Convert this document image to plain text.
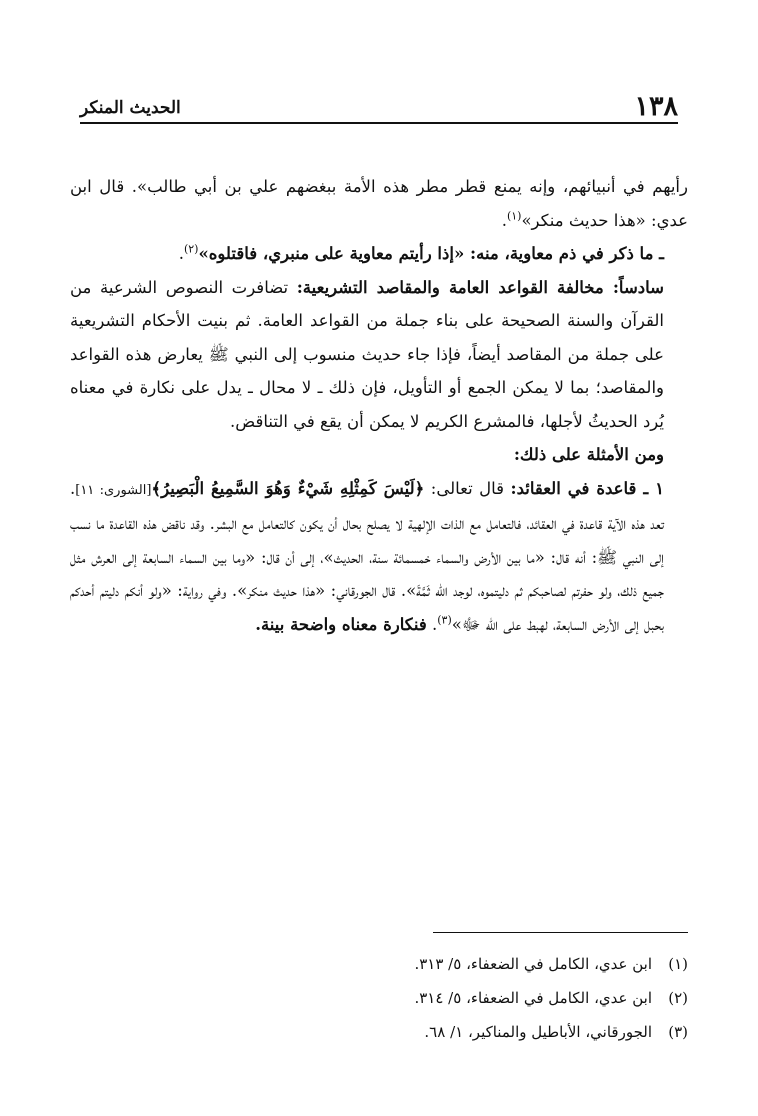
١٣٨
الحديث المنكر

رأيهم في أنبيائهم، وإنه يمنع قطر مطر هذه الأمة ببغضهم علي بن أبي طالب». قال ابن عدي: «هذا حديث منكر»$^{(١)}$.

ـ ما ذكر في ذم معاوية، منه: «إذا رأيتم معاوية على منبري، فاقتلوه»$^{(٢)}$.

سادساً: مخالفة القواعد العامة والمقاصد التشريعية: تضافرت النصوص الشرعية من القرآن والسنة الصحيحة على بناء جملة من القواعد العامة. ثم بنيت الأحكام التشريعية على جملة من المقاصد أيضاً، فإذا جاء حديث منسوب إلى النبي ﷺ يعارض هذه القواعد والمقاصد؛ بما لا يمكن الجمع أو التأويل، فإن ذلك ـ لا محال ـ يدل على نكارة في معناه يُرد الحديثُ لأجلها، فالمشرع الكريم لا يمكن أن يقع في التناقض.

ومن الأمثلة على ذلك:

١ ـ قاعدة في العقائد: قال تعالى: ﴿لَيْسَ كَمِثْلِهِ شَيْءٌ وَهُوَ السَّمِيعُ الْبَصِيرُ﴾[الشورى: ١١]. تعد هذه الآية قاعدة في العقائد، فالتعامل مع الذات الإلهية لا يصلح بحال أن يكون كالتعامل مع البشر. وقد ناقض هذه القاعدة ما نسب إلى النبي ﷺ: أنه قال: «ما بين الأرض والسماء خمسمائة سنة، الحديث»، إلى أن قال: «وما بين السماء السابعة إلى العرش مثل جميع ذلك، ولو حفرتم لصاحبكم ثم دليتموه، لوجد الله ثَمَّةَ». قال الجورقاني: «هذا حديث منكر». وفي رواية: «ولو أنكم دليتم أحدكم بحبل إلى الأرض السابعة، لهبط على الله ﷻ»$^{(٣)}$. فنكارة معناه واضحة بينة.

(١)ابن عدي، الكامل في الضعفاء، ٥/ ٣١٣.

(٢)ابن عدي، الكامل في الضعفاء، ٥/ ٣١٤.

(٣)الجورقاني، الأباطيل والمناكير، ١/ ٦٨.
